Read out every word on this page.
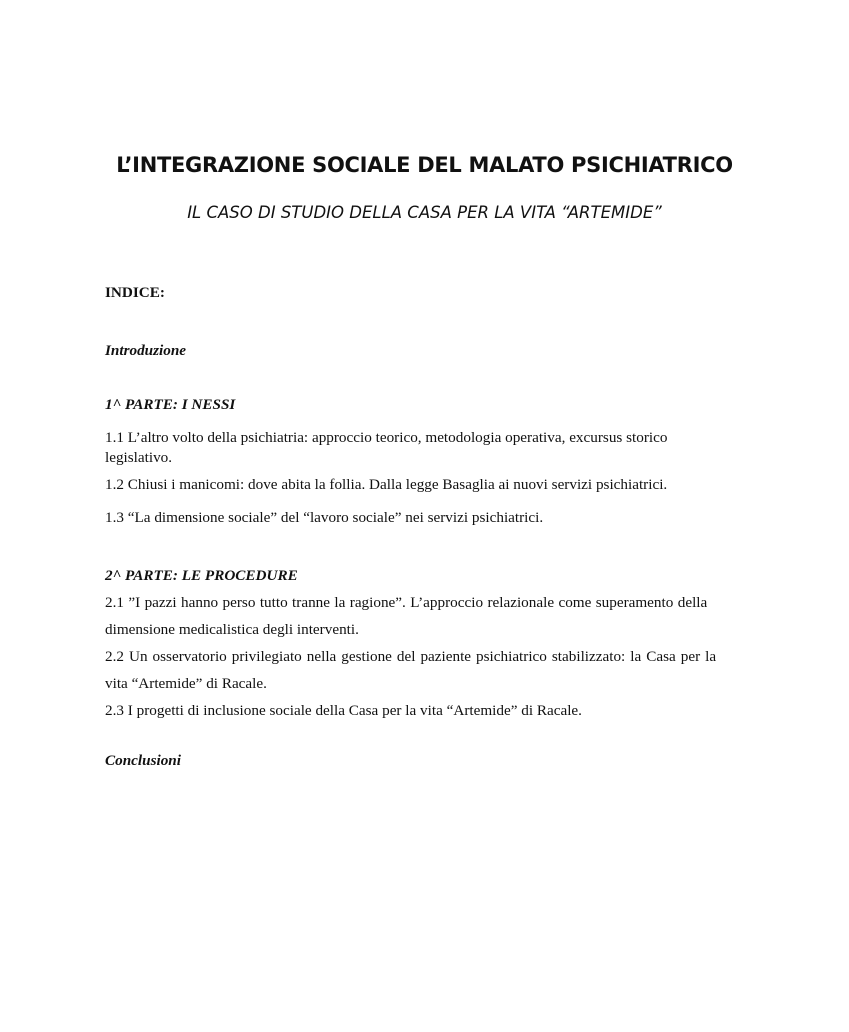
L’INTEGRAZIONE SOCIALE DEL MALATO PSICHIATRICO
IL CASO DI STUDIO DELLA CASA PER LA VITA “ARTEMIDE”
INDICE:
Introduzione
1^ PARTE: I NESSI
1.1 L’altro volto della psichiatria: approccio teorico, metodologia operativa, excursus storico
legislativo.
1.2 Chiusi i manicomi: dove abita la follia. Dalla legge Basaglia ai nuovi servizi psichiatrici.
1.3 “La dimensione sociale” del “lavoro sociale” nei servizi psichiatrici.
2^ PARTE: LE PROCEDURE
2.1 ”I pazzi hanno perso tutto tranne la ragione”. L’approccio relazionale come superamento della
dimensione medicalistica degli interventi.
2.2 Un osservatorio privilegiato nella gestione del paziente psichiatrico stabilizzato: la Casa per la
vita “Artemide” di Racale.
2.3 I progetti di inclusione sociale della Casa per la vita “Artemide” di Racale.
Conclusioni
